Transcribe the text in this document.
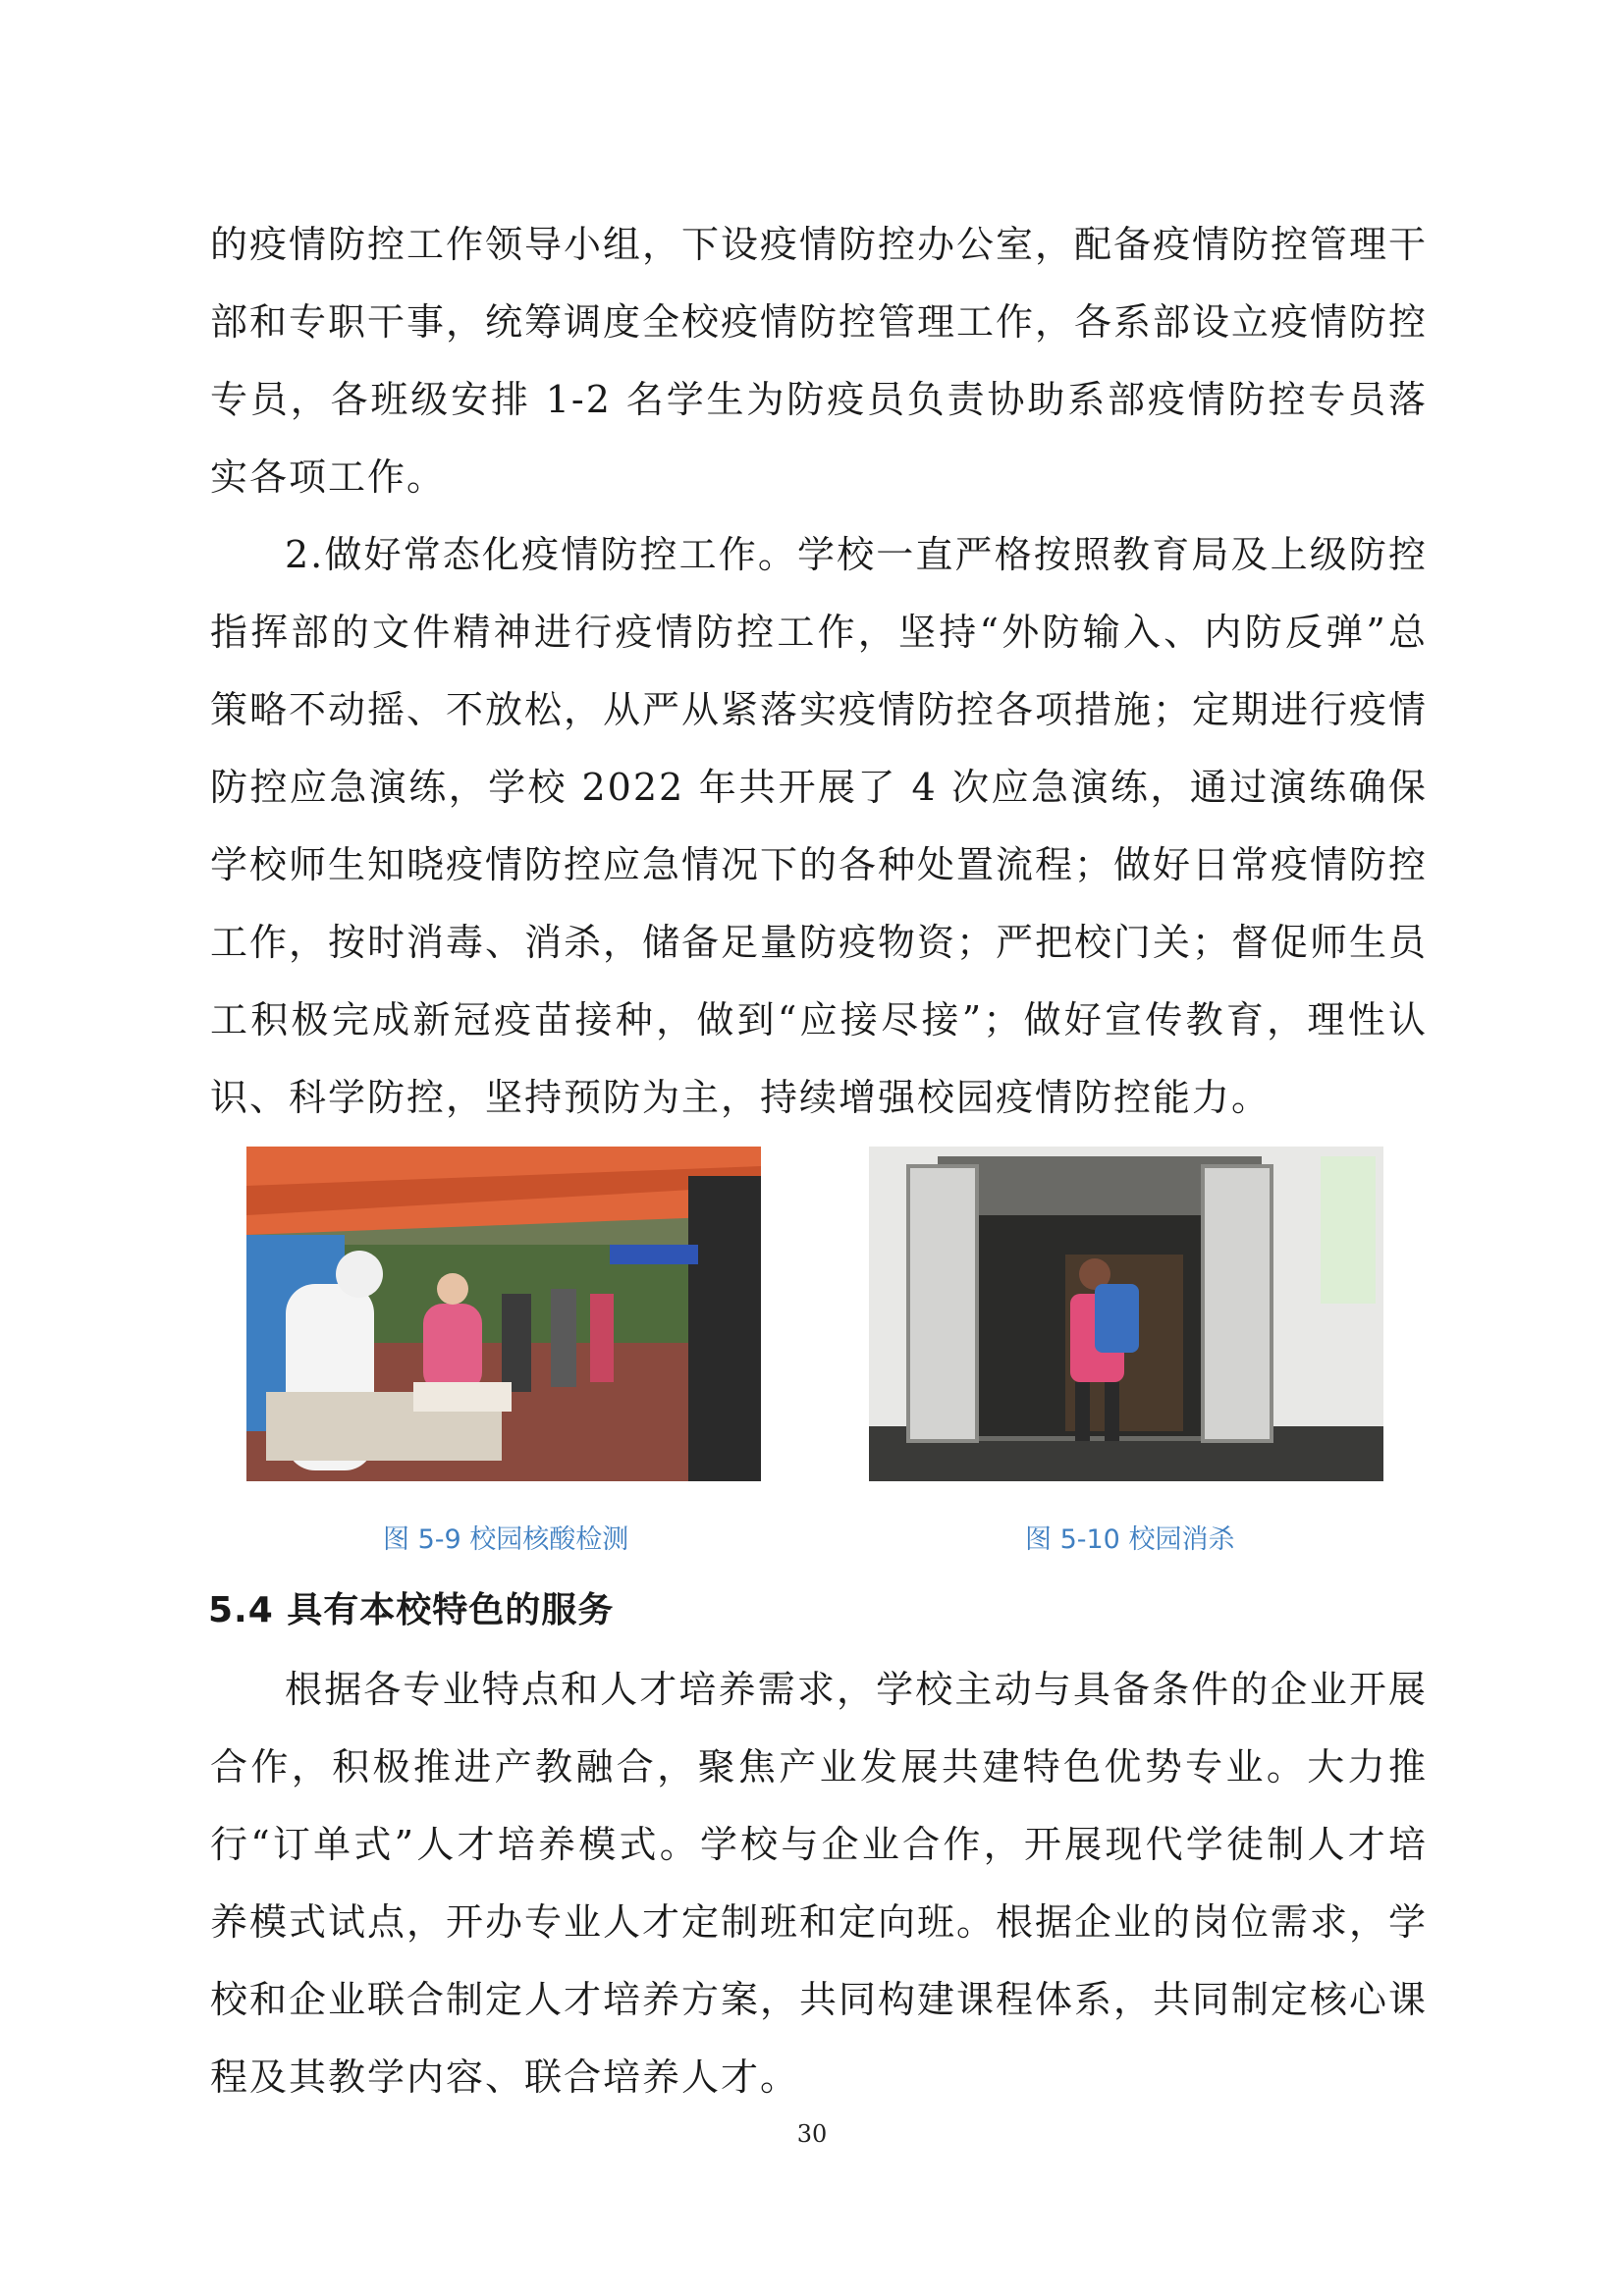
的疫情防控工作领导小组，下设疫情防控办公室，配备疫情防控管理干部和专职干事，统筹调度全校疫情防控管理工作，各系部设立疫情防控专员，各班级安排 1-2 名学生为防疫员负责协助系部疫情防控专员落实各项工作。

2.做好常态化疫情防控工作。学校一直严格按照教育局及上级防控指挥部的文件精神进行疫情防控工作，坚持“外防输入、内防反弹”总策略不动摇、不放松，从严从紧落实疫情防控各项措施；定期进行疫情防控应急演练，学校 2022 年共开展了 4 次应急演练，通过演练确保学校师生知晓疫情防控应急情况下的各种处置流程；做好日常疫情防控工作，按时消毒、消杀，储备足量防疫物资；严把校门关；督促师生员工积极完成新冠疫苗接种，做到“应接尽接”；做好宣传教育，理性认识、科学防控，坚持预防为主，持续增强校园疫情防控能力。

图 5-9 校园核酸检测	图 5-10 校园消杀
5.4 具有本校特色的服务

根据各专业特点和人才培养需求，学校主动与具备条件的企业开展合作，积极推进产教融合，聚焦产业发展共建特色优势专业。大力推行“订单式”人才培养模式。学校与企业合作，开展现代学徒制人才培养模式试点，开办专业人才定制班和定向班。根据企业的岗位需求，学校和企业联合制定人才培养方案，共同构建课程体系，共同制定核心课程及其教学内容、联合培养人才。

30
